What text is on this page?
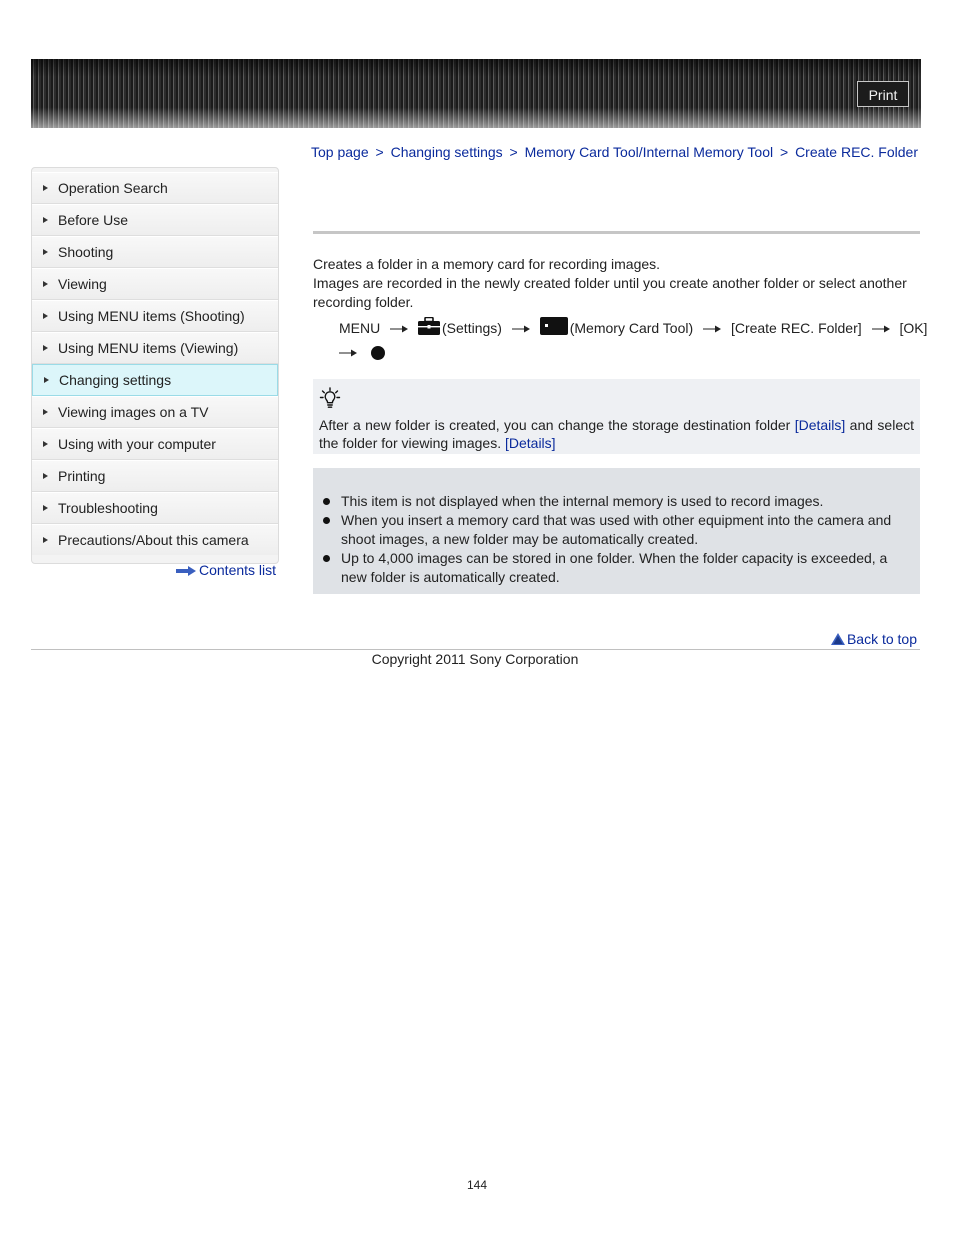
Print
Top page > Changing settings > Memory Card Tool/Internal Memory Tool > Create REC. Folder
Operation Search
Before Use
Shooting
Viewing
Using MENU items (Shooting)
Using MENU items (Viewing)
Changing settings
Viewing images on a TV
Using with your computer
Printing
Troubleshooting
Precautions/About this camera
Contents list

Creates a folder in a memory card for recording images.

Images are recorded in the newly created folder until you create another folder or select another recording folder.

MENU	(Settings)	(Memory Card Tool)	[Create REC. Folder]	[OK]

After a new folder is created, you can change the storage destination folder [Details] and select the folder for viewing images. [Details]
This item is not displayed when the internal memory is used to record images.
When you insert a memory card that was used with other equipment into the camera and shoot images, a new folder may be automatically created.
Up to 4,000 images can be stored in one folder. When the folder capacity is exceeded, a new folder is automatically created.
Back to top
Copyright 2011 Sony Corporation
144
